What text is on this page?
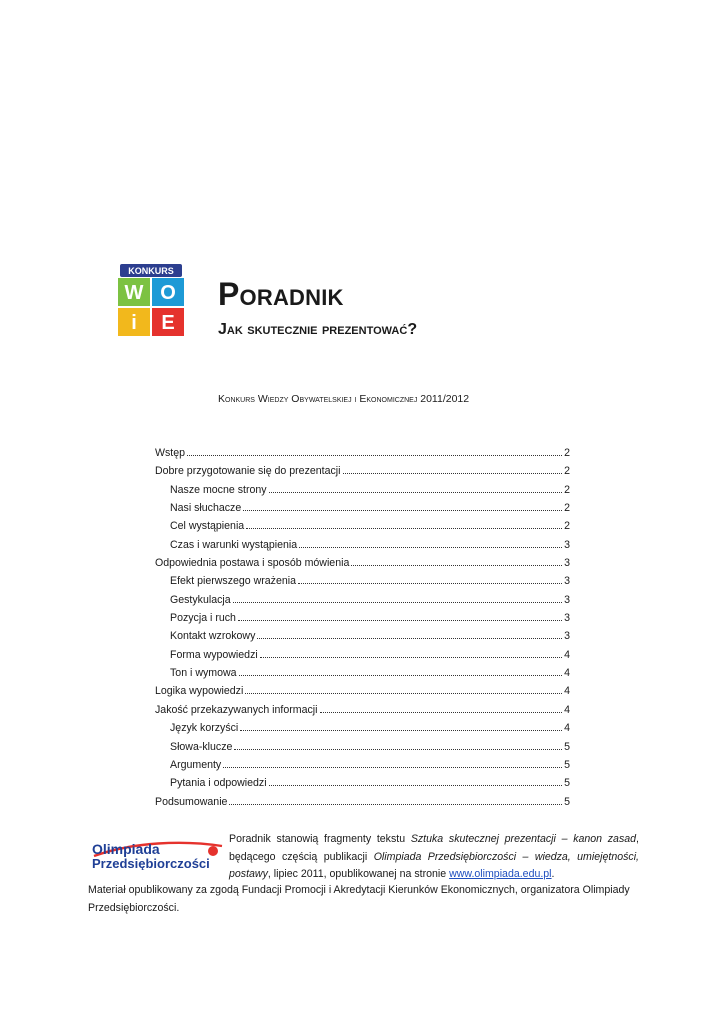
KONKURS
W O
i E
Poradnik
Jak skutecznie prezentować?

Konkurs Wiedzy Obywatelskiej i Ekonomicznej 2011/2012

Wstęp	2
Dobre przygotowanie się do prezentacji	2
Nasze mocne strony	2
Nasi słuchacze	2
Cel wystąpienia	2
Czas i warunki wystąpienia	3
Odpowiednia postawa i sposób mówienia	3
Efekt pierwszego wrażenia	3
Gestykulacja	3
Pozycja i ruch	3
Kontakt wzrokowy	3
Forma wypowiedzi	4
Ton i wymowa	4
Logika wypowiedzi	4
Jakość przekazywanych informacji	4
Język korzyści	4
Słowa-klucze	5
Argumenty	5
Pytania i odpowiedzi	5
Podsumowanie	5
Olimpiada
Przedsiębiorczości

Poradnik stanowią fragmenty tekstu Sztuka skutecznej prezentacji – kanon zasad, będącego częścią publikacji Olimpiada Przedsiębiorczości – wiedza, umiejętności, postawy, lipiec 2011, opublikowanej na stronie www.olimpiada.edu.pl.

Materiał opublikowany za zgodą Fundacji Promocji i Akredytacji Kierunków Ekonomicznych, organizatora Olimpiady Przedsiębiorczości.
